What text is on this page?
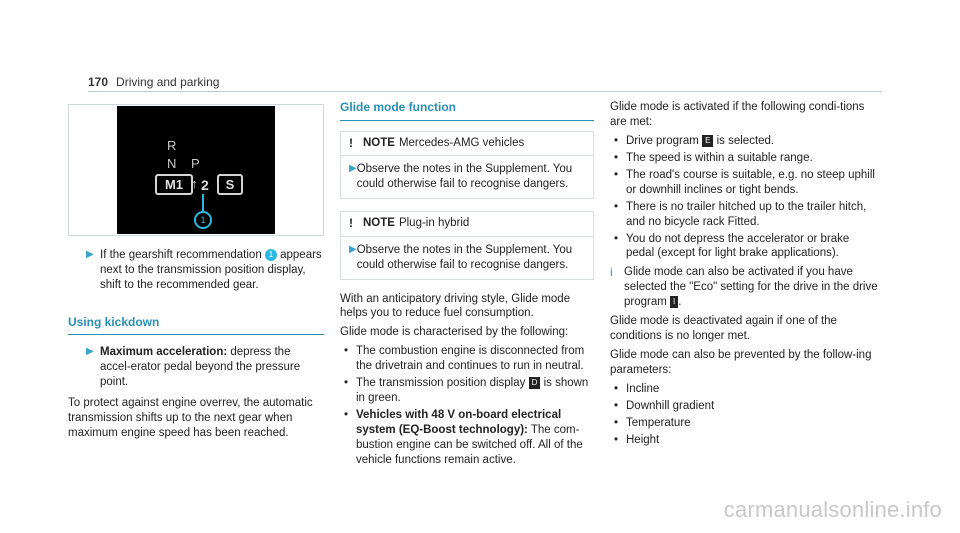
170 Driving and parking
R
N P
M1 ↑ 2	S
1
▶ If the gearshift recommendation 1 appears next to the transmission position display, shift to the recommended gear.
Using kickdown
▶ Maximum acceleration: depress the accel-erator pedal beyond the pressure point.

To protect against engine overrev, the automatic transmission shifts up to the next gear when maximum engine speed has been reached.

Glide mode function
! NOTE Mercedes-AMG vehicles
▶ Observe the notes in the Supplement. You could otherwise fail to recognise dangers.
! NOTE Plug-in hybrid
▶ Observe the notes in the Supplement. You could otherwise fail to recognise dangers.

With an anticipatory driving style, Glide mode helps you to reduce fuel consumption.

Glide mode is characterised by the following:

• The combustion engine is disconnected from the drivetrain and continues to run in neutral.
• The transmission position display D is shown in green.
• Vehicles with 48 V on-board electrical system (EQ-Boost technology): The com-bustion engine can be switched off. All of the vehicle functions remain active.

Glide mode is activated if the following condi-tions are met:

• Drive program E is selected.
• The speed is within a suitable range.
• The road's course is suitable, e.g. no steep uphill or downhill inclines or tight bends.
• There is no trailer hitched up to the trailer hitch, and no bicycle rack Fitted.
• You do not depress the accelerator or brake pedal (except for light brake applications).
i Glide mode can also be activated if you have selected the "Eco" setting for the drive in the drive program I .

Glide mode is deactivated again if one of the conditions is no longer met.

Glide mode can also be prevented by the follow-ing parameters:

• Incline
• Downhill gradient
• Temperature
• Height
carmanualsonline.info
